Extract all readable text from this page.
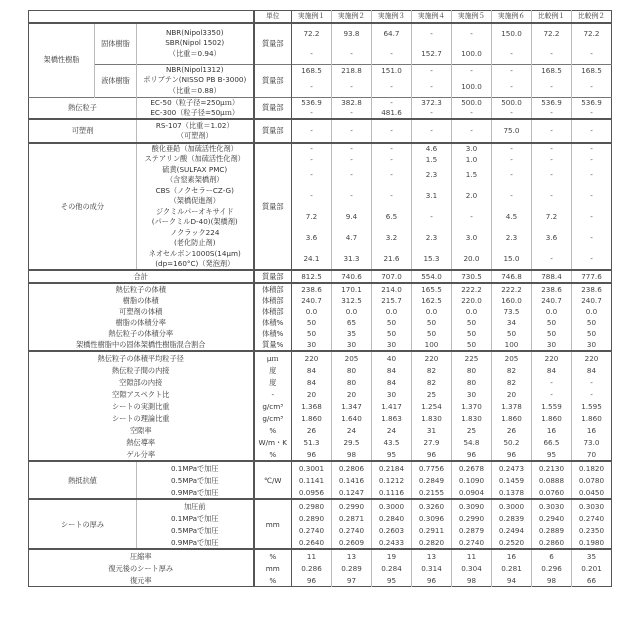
	単位	実施例１	実施例２	実施例３	実施例４	実施例５	実施例６	比較例１	比較例２
架橋性樹脂	固体樹脂	
NBR(Nipol3350)
SBR(Nipol 1502)
（比重＝0.94）
	質量部	72.2	93.8	64.7	-	-	150.0	72.2	72.2
-	-	-	152.7	100.0	-	-	-
液体樹脂	
NBR(Nipol1312)
ポリブテン(NISSO PB B-3000)
（比重＝0.88）
	質量部	168.5	218.8	151.0	-	-	-	168.5	168.5
-	-	-	-	100.0	-	-	-
熱伝粒子	
EC-50（粒子径=250μｍ）
EC-300（粒子径=50μｍ）
	質量部	536.9	382.8	-	372.3	500.0	500.0	536.9	536.9
-	-	481.6	-	-	-	-	-
可塑剤	
RS-107（比重＝1.02）
（可塑剤）
	質量部	-	-	-	-	-	75.0	-	-
その他の成分	
酸化亜鉛（加硫活性化剤）
	質量部	-	-	-	4.6	3.0	-	-	-

ステアリン酸（加硫活性化剤）	-	-	-	1.5	1.0	-	-	-

硫黄(SULFAX PMC)
（含窒素架橋剤）
	-	-	-	2.3	1.5	-	-	-

CBS（ノクセラーCZ-G)
（架橋促進剤）
	-	-	-	3.1	2.0	-	-	-

ジクミルパーオキサイド
(パークミルD-40)(架橋剤)
	7.2	9.4	6.5	-	-	4.5	7.2	-

ノクラック224
(老化防止剤)
	3.6	4.7	3.2	2.3	3.0	2.3	3.6	-

ネオセルボン1000S(14μm)
(dp=160°C)（発泡剤）
	24.1	31.3	21.6	15.3	20.0	15.0	-	-
合計	質量部	812.5	740.6	707.0	554.0	730.5	746.8	788.4	777.6
熱伝粒子の体積	体積部	238.6	170.1	214.0	165.5	222.2	222.2	238.6	238.6
樹脂の体積	体積部	240.7	312.5	215.7	162.5	220.0	160.0	240.7	240.7
可塑剤の体積	体積部	0.0	0.0	0.0	0.0	0.0	73.5	0.0	0.0
樹脂の体積分率	体積%	50	65	50	50	50	34	50	50
熱伝粒子の体積分率	体積%	50	35	50	50	50	50	50	50
架橋性樹脂中の固体架橋性樹脂混合割合	質量%	30	30	30	100	50	100	30	30
熱伝粒子の体積平均粒子径	μｍ	220	205	40	220	225	205	220	220
熱伝粒子間の内接	度	84	80	84	82	80	82	84	84
空隙部の内接	度	84	80	84	82	80	82	-	-
空隙アスペクト比	-	20	20	30	25	30	20	-	-
シートの実測比重	g/cm³	1.368	1.347	1.417	1.254	1.370	1.378	1.559	1.595
シートの理論比重	g/cm³	1.860	1.640	1.863	1.830	1.830	1.860	1.860	1.860
空隙率	%	26	24	24	31	25	26	16	16
熱伝導率	W/m・K	51.3	29.5	43.5	27.9	54.8	50.2	66.5	73.0
ゲル分率	%	96	98	95	96	96	96	95	70
熱抵抗値	0.1MPaで加圧	℃/W	0.3001	0.2806	0.2184	0.7756	0.2678	0.2473	0.2130	0.1820
0.5MPaで加圧	0.1141	0.1416	0.1212	0.2849	0.1090	0.1459	0.0888	0.0780
0.9MPaで加圧	0.0956	0.1247	0.1116	0.2155	0.0904	0.1378	0.0760	0.0450
シートの厚み	加圧前	mm	0.2980	0.2990	0.3000	0.3260	0.3090	0.3000	0.3030	0.3030
0.1MPaで加圧	0.2890	0.2871	0.2840	0.3096	0.2990	0.2839	0.2940	0.2740
0.5MPaで加圧	0.2740	0.2740	0.2603	0.2911	0.2879	0.2494	0.2889	0.2350
0.9MPaで加圧	0.2640	0.2609	0.2433	0.2820	0.2740	0.2520	0.2860	0.1980
圧縮率	%	11	13	19	13	11	16	6	35
復元後のシート厚み	mm	0.286	0.289	0.284	0.314	0.304	0.281	0.296	0.201
復元率	%	96	97	95	96	98	94	98	66
